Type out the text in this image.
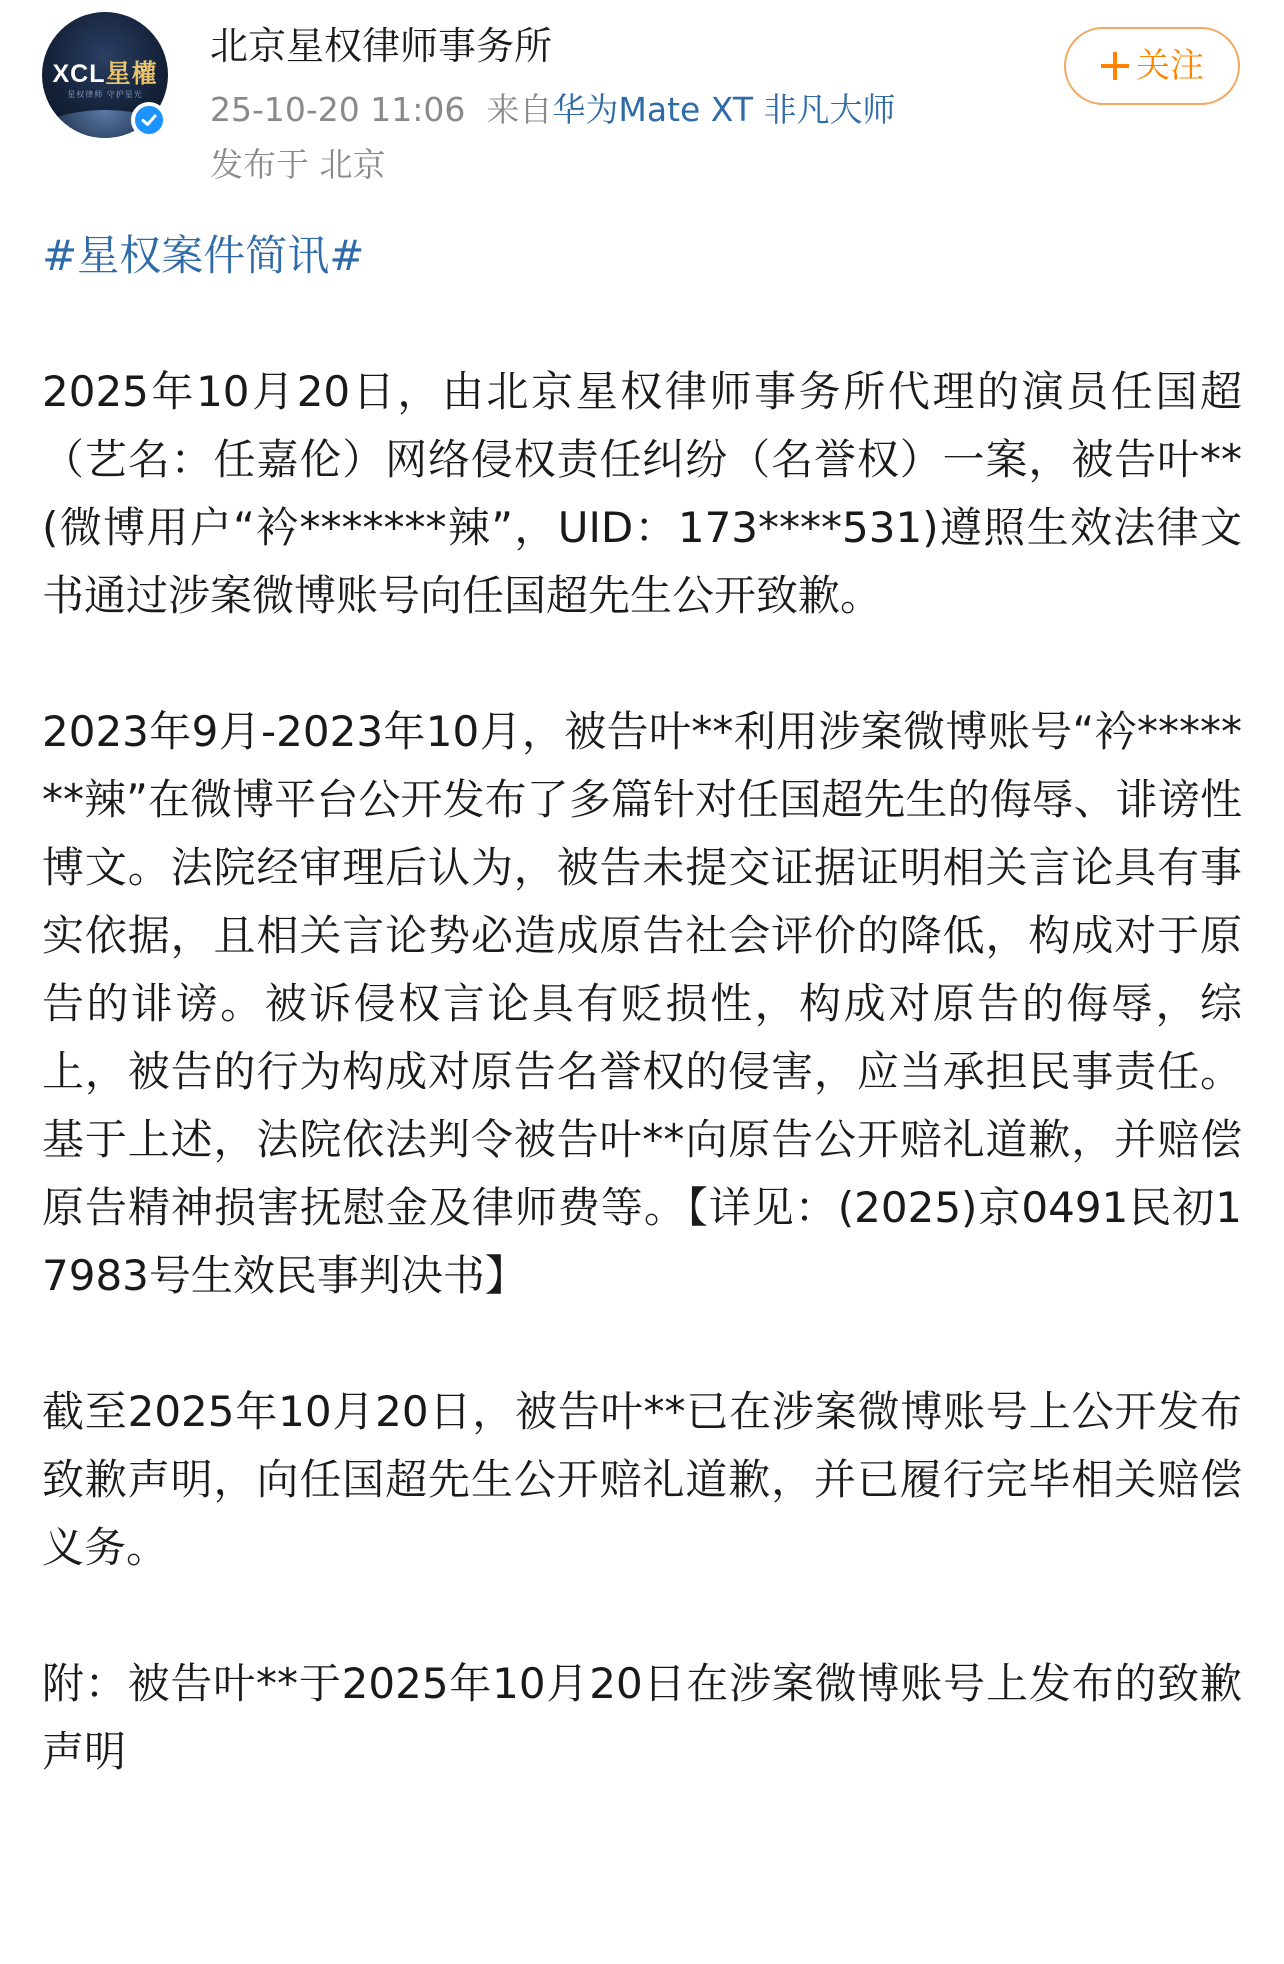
XCL星權
星权律师 守护星光
北京星权律师事务所
25-10-20 11:06 来自华为Mate XT 非凡大师
发布于 北京
关注
#星权案件简讯#

2025年10月20日，由北京星权律师事务所代理的演员任国超（艺名：任嘉伦）网络侵权责任纠纷（名誉权）一案，被告叶**(微博用户“衿*******辣”，UID：173****531)遵照生效法律文书通过涉案微博账号向任国超先生公开致歉。

2023年9月-2023年10月，被告叶**利用涉案微博账号“衿*******辣”在微博平台公开发布了多篇针对任国超先生的侮辱、诽谤性博文。法院经审理后认为，被告未提交证据证明相关言论具有事实依据，且相关言论势必造成原告社会评价的降低，构成对于原告的诽谤。被诉侵权言论具有贬损性，构成对原告的侮辱，综上，被告的行为构成对原告名誉权的侵害，应当承担民事责任。基于上述，法院依法判令被告叶**向原告公开赔礼道歉，并赔偿原告精神损害抚慰金及律师费等。【详见：(2025)京0491民初17983号生效民事判决书】

截至2025年10月20日，被告叶**已在涉案微博账号上公开发布致歉声明，向任国超先生公开赔礼道歉，并已履行完毕相关赔偿义务。

附：被告叶**于2025年10月20日在涉案微博账号上发布的致歉声明
